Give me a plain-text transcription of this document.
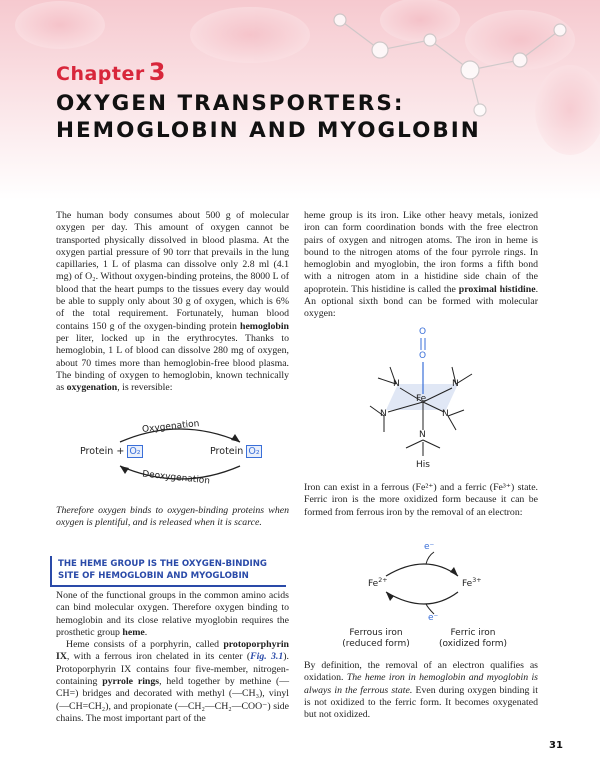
Chapter 3
OXYGEN TRANSPORTERS:
HEMOGLOBIN AND MYOGLOBIN

The human body consumes about 500 g of molecular oxygen per day. This amount of oxygen cannot be transported physically dissolved in blood plasma. At the oxygen partial pressure of 90 torr that prevails in the lung capillaries, 1 L of plasma can dissolve only 2.8 ml (4.1 mg) of O₂. Without oxygen-binding proteins, the 8000 L of blood that the heart pumps to the tissues every day would be able to supply only about 30 g of oxygen, which is 6% of the total requirement. Fortunately, human blood contains 150 g of the oxygen-binding protein hemoglobin per liter, locked up in the erythrocytes. Thanks to hemoglobin, 1 L of blood can dissolve 280 mg of oxygen, about 70 times more than hemoglobin-free blood plasma. The binding of oxygen to hemoglobin, known technically as oxygenation, is reversible:

Oxygenation
Deoxygenation
Protein + O₂	Protein O₂

Therefore oxygen binds to oxygen-binding proteins when oxygen is plentiful, and is released when it is scarce.

THE HEME GROUP IS THE OXYGEN-BINDING
SITE OF HEMOGLOBIN AND MYOGLOBIN

None of the functional groups in the common amino acids can bind molecular oxygen. Therefore oxygen binding to hemoglobin and its close relative myoglobin requires the prosthetic group heme.

Heme consists of a porphyrin, called protoporphyrin IX, with a ferrous iron chelated in its center (Fig. 3.1). Protoporphyrin IX contains four five-member, nitrogen-containing pyrrole rings, held together by methine (—CH=) bridges and decorated with methyl (—CH₃), vinyl (—CH=CH₂), and propionate (—CH₂—CH₂—COO⁻) side chains. The most important part of the

heme group is its iron. Like other heavy metals, ionized iron can form coordination bonds with the free electron pairs of oxygen and nitrogen atoms. The iron in heme is bound to the nitrogen atoms of the four pyrrole rings. In hemoglobin and myoglobin, the iron forms a fifth bond with a nitrogen atom in a histidine side chain of the apoprotein. This histidine is called the proximal histidine. An optional sixth bond can be formed with molecular oxygen:

O
O
Fe
N	N
N	N
N
His

Iron can exist in a ferrous (Fe²⁺) and a ferric (Fe³⁺) state. Ferric iron is the more oxidized form because it can be formed from ferrous iron by the removal of an electron:

e⁻
e⁻
$Fe^{2+}$	$Fe^{3+}$
Ferrous iron
(reduced form)
Ferric iron
(oxidized form)

By definition, the removal of an electron qualifies as oxidation. The heme iron in hemoglobin and myoglobin is always in the ferrous state. Even during oxygen binding it is not oxidized to the ferric form. It becomes oxygenated but not oxidized.

31
